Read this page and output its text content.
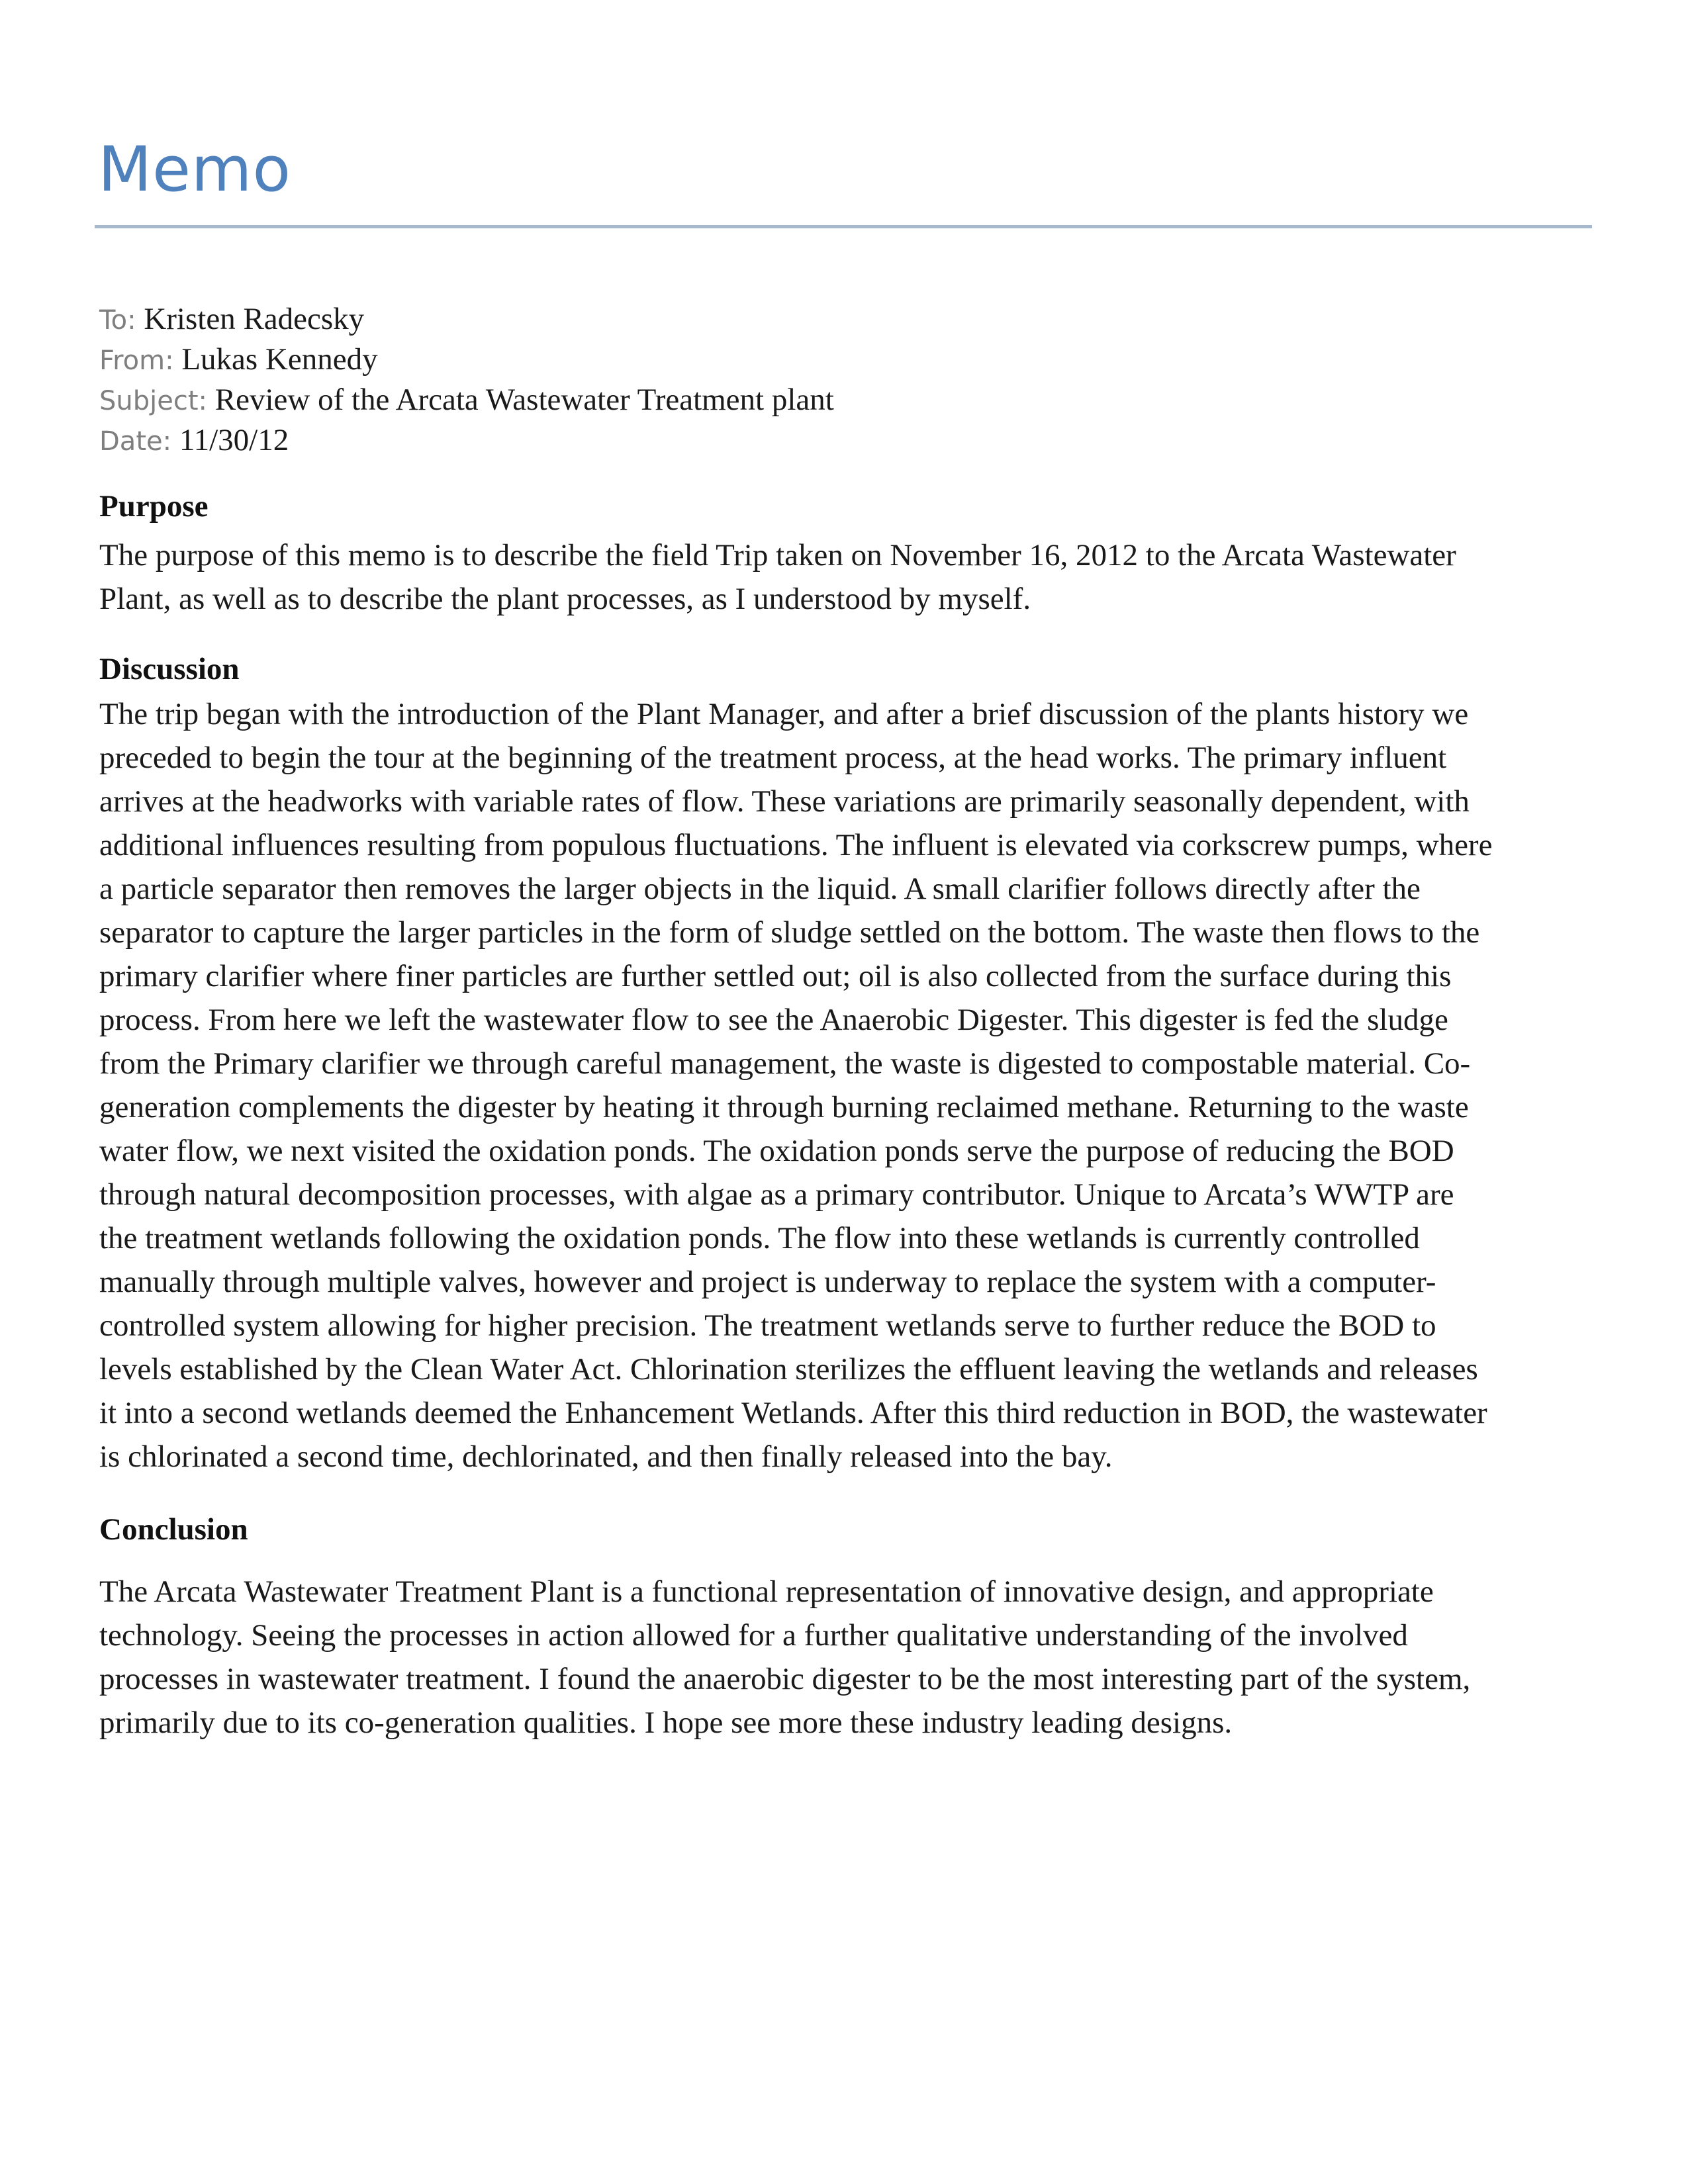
Memo
To: Kristen Radecsky
From: Lukas Kennedy
Subject: Review of the Arcata Wastewater Treatment plant
Date: 11/30/12
Purpose
The purpose of this memo is to describe the field Trip taken on November 16, 2012 to the Arcata Wastewater
Plant, as well as to describe the plant processes, as I understood by myself.
Discussion
The trip began with the introduction of the Plant Manager, and after a brief discussion of the plants history we
preceded to begin the tour at the beginning of the treatment process, at the head works. The primary influent
arrives at the headworks with variable rates of flow. These variations are primarily seasonally dependent, with
additional influences resulting from populous fluctuations. The influent is elevated via corkscrew pumps, where
a particle separator then removes the larger objects in the liquid. A small clarifier follows directly after the
separator to capture the larger particles in the form of sludge settled on the bottom. The waste then flows to the
primary clarifier where finer particles are further settled out; oil is also collected from the surface during this
process. From here we left the wastewater flow to see the Anaerobic Digester. This digester is fed the sludge
from the Primary clarifier we through careful management, the waste is digested to compostable material. Co-
generation complements the digester by heating it through burning reclaimed methane. Returning to the waste
water flow, we next visited the oxidation ponds. The oxidation ponds serve the purpose of reducing the BOD
through natural decomposition processes, with algae as a primary contributor. Unique to Arcata’s WWTP are
the treatment wetlands following the oxidation ponds. The flow into these wetlands is currently controlled
manually through multiple valves, however and project is underway to replace the system with a computer-
controlled system allowing for higher precision. The treatment wetlands serve to further reduce the BOD to
levels established by the Clean Water Act. Chlorination sterilizes the effluent leaving the wetlands and releases
it into a second wetlands deemed the Enhancement Wetlands. After this third reduction in BOD, the wastewater
is chlorinated a second time, dechlorinated, and then finally released into the bay.
Conclusion
The Arcata Wastewater Treatment Plant is a functional representation of innovative design, and appropriate
technology. Seeing the processes in action allowed for a further qualitative understanding of the involved
processes in wastewater treatment. I found the anaerobic digester to be the most interesting part of the system,
primarily due to its co-generation qualities. I hope see more these industry leading designs.
